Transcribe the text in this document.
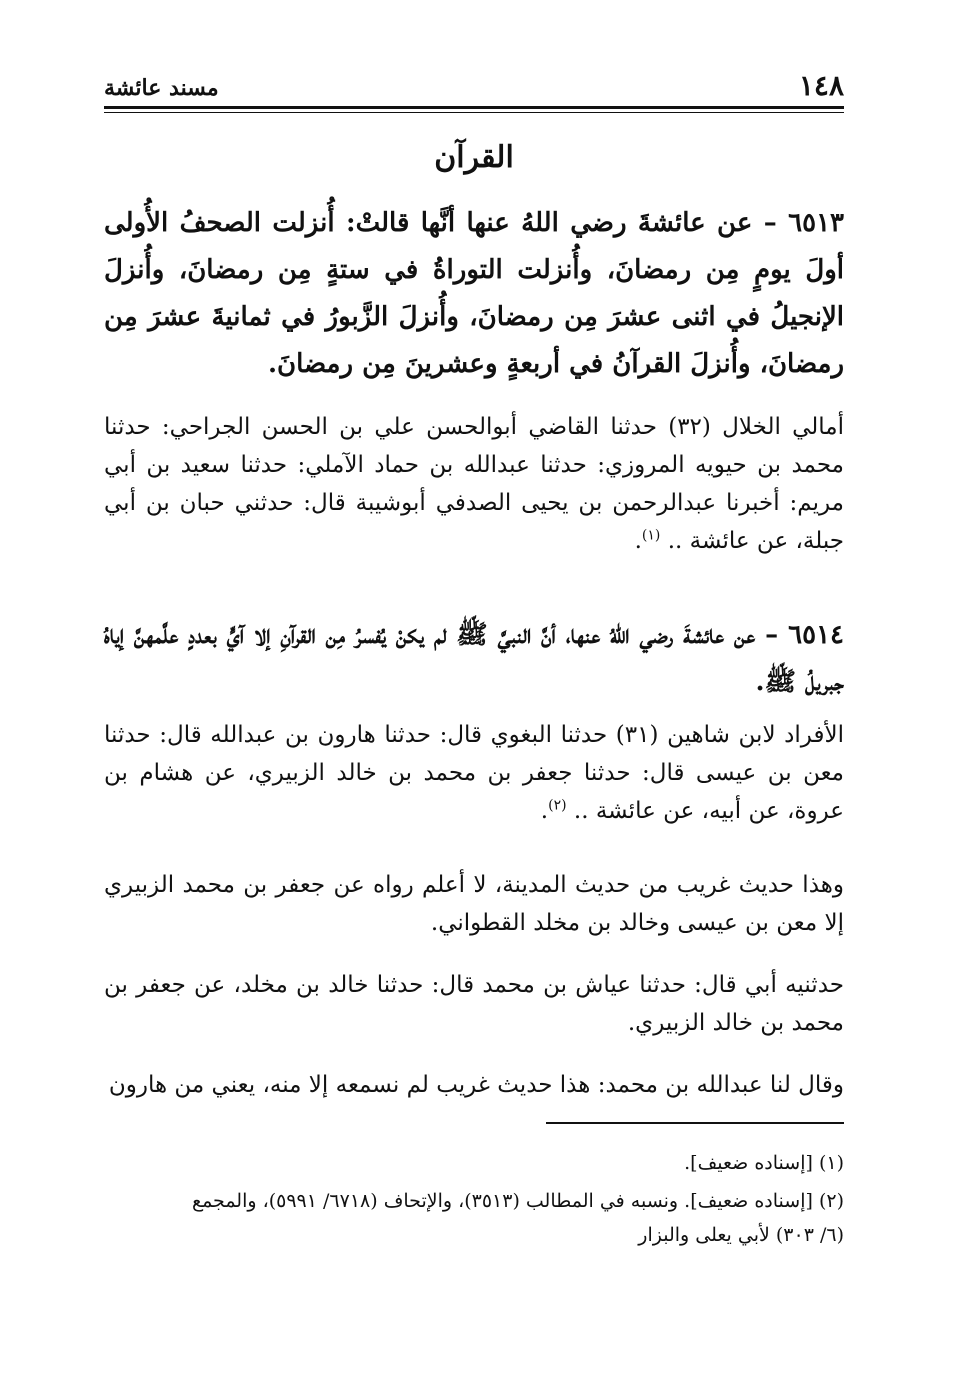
١٤٨
مسند عائشة
القرآن
٦٥١٣ – عن عائشةَ رضي اللهُ عنها أنَّها قالتْ: أُنزلت الصحفُ الأُولى أولَ يومٍ مِن رمضانَ، وأُنزلت التوراةُ في ستةٍ مِن رمضانَ، وأُنزلَ الإنجيلُ في اثنى عشرَ مِن رمضانَ، وأُنزلَ الزَّبورُ في ثمانيةَ عشرَ مِن رمضانَ، وأُنزلَ القرآنُ في أربعةٍ وعشرينَ مِن رمضانَ.
أمالي الخلال (٣٢) حدثنا القاضي أبوالحسن علي بن الحسن الجراحي: حدثنا محمد بن حيويه المروزي: حدثنا عبدالله بن حماد الآملي: حدثنا سعيد بن أبي مريم: أخبرنا عبدالرحمن بن يحيى الصدفي أبوشيبة قال: حدثني حبان بن أبي جبلة، عن عائشة .. $^{(١)}$.
٦٥١٤ – عن عائشةَ رضي اللهُ عنها، أنَّ النبيَّ ﷺ لم يكنْ يُفسرُ مِن القرآنِ إلا آيٍّ بعددٍ علَّمهنَّ إياهُ جبريلُ ﷺ.
الأفراد لابن شاهين (٣١) حدثنا البغوي قال: حدثنا هارون بن عبدالله قال: حدثنا معن بن عيسى قال: حدثنا جعفر بن محمد بن خالد الزبيري، عن هشام بن عروة، عن أبيه، عن عائشة .. $^{(٢)}$.
وهذا حديث غريب من حديث المدينة، لا أعلم رواه عن جعفر بن محمد الزبيري إلا معن بن عيسى وخالد بن مخلد القطواني.
حدثنيه أبي قال: حدثنا عياش بن محمد قال: حدثنا خالد بن مخلد، عن جعفر بن محمد بن خالد الزبيري.
وقال لنا عبدالله بن محمد: هذا حديث غريب لم نسمعه إلا منه، يعني من هارون
(١) [إسناده ضعيف].
(٢) [إسناده ضعيف]. ونسبه في المطالب (٣٥١٣)، والإتحاف (٦٧١٨/ ٥٩٩١)، والمجمع
(٦/ ٣٠٣) لأبي يعلى والبزار
